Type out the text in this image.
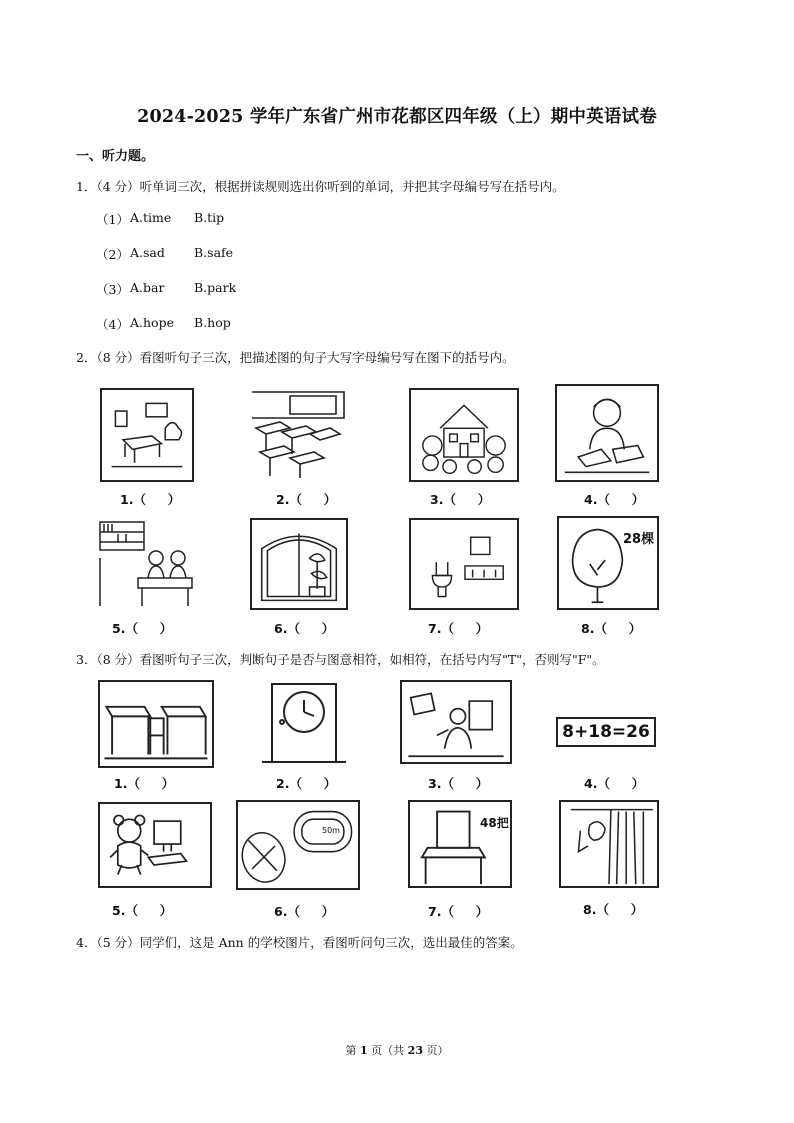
2024-2025 学年广东省广州市花都区四年级（上）期中英语试卷
一、听力题。
1．（4 分）听单词三次，根据拼读规则选出你听到的单词，并把其字母编号写在括号内。
（1） A.time	B.tip
（2） A.sad	B.safe
（3） A.bar	B.park
（4） A.hope	B.hop
2．（8 分）看图听句子三次，把描述图的句子大写字母编号写在图下的括号内。
1.（     ）	2.（     ）	3.（     ）	4.（     ）
28棵
5.（     ）	6.（     ）	7.（     ）	8.（     ）
3．（8 分）看图听句子三次，判断句子是否与图意相符，如相符，在括号内写"T"，否则写"F"。
8+18=26
1.（     ）	2.（     ）	3.（     ）	4.（     ）
50m
48把
5.（     ）	6.（     ）	7.（     ）	8.（     ）
4．（5 分）同学们，这是 Ann 的学校图片，看图听问句三次，选出最佳的答案。
第 1 页（共 23 页）
